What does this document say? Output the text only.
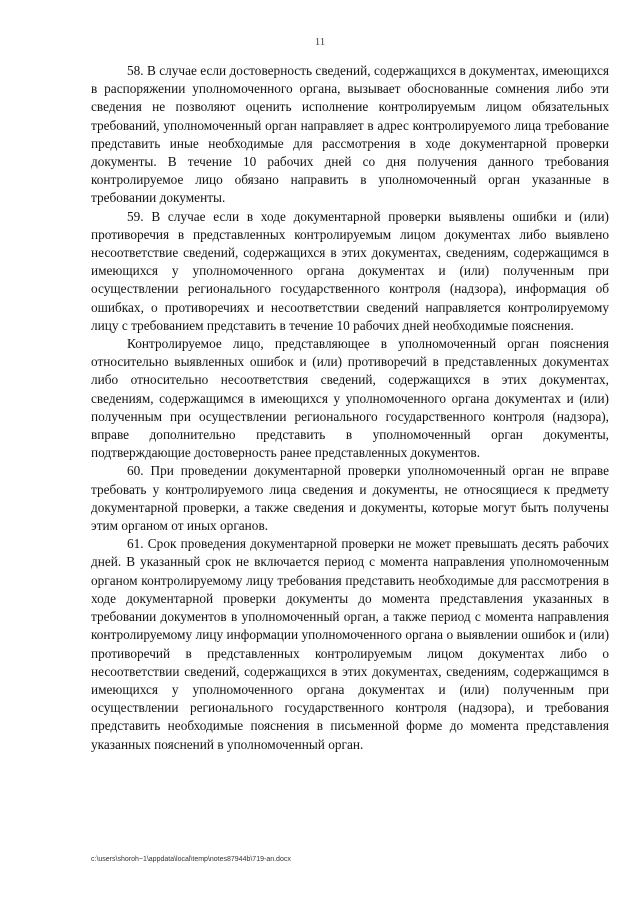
11

58. В случае если достоверность сведений, содержащихся в документах, имеющихся в распоряжении уполномоченного органа, вызывает обоснованные сомнения либо эти сведения не позволяют оценить исполнение контролируемым лицом обязательных требований, уполномоченный орган направляет в адрес контролируемого лица требование представить иные необходимые для рассмотрения в ходе документарной проверки документы. В течение 10 рабочих дней со дня получения данного требования контролируемое лицо обязано направить в уполномоченный орган указанные в требовании документы.

59. В случае если в ходе документарной проверки выявлены ошибки и (или) противоречия в представленных контролируемым лицом документах либо выявлено несоответствие сведений, содержащихся в этих документах, сведениям, содержащимся в имеющихся у уполномоченного органа документах и (или) полученным при осуществлении регионального государственного контроля (надзора), информация об ошибках, о противоречиях и несоответствии сведений направляется контролируемому лицу с требованием представить в течение 10 рабочих дней необходимые пояснения.

Контролируемое лицо, представляющее в уполномоченный орган пояснения относительно выявленных ошибок и (или) противоречий в представленных документах либо относительно несоответствия сведений, содержащихся в этих документах, сведениям, содержащимся в имеющихся у уполномоченного органа документах и (или) полученным при осуществлении регионального государственного контроля (надзора), вправе дополнительно представить в уполномоченный орган документы, подтверждающие достоверность ранее представленных документов.

60. При проведении документарной проверки уполномоченный орган не вправе требовать у контролируемого лица сведения и документы, не относящиеся к предмету документарной проверки, а также сведения и документы, которые могут быть получены этим органом от иных органов.

61. Срок проведения документарной проверки не может превышать десять рабочих дней. В указанный срок не включается период с момента направления уполномоченным органом контролируемому лицу требования представить необходимые для рассмотрения в ходе документарной проверки документы до момента представления указанных в требовании документов в уполномоченный орган, а также период с момента направления контролируемому лицу информации уполномоченного органа о выявлении ошибок и (или) противоречий в представленных контролируемым лицом документах либо о несоответствии сведений, содержащихся в этих документах, сведениям, содержащимся в имеющихся у уполномоченного органа документах и (или) полученным при осуществлении регионального государственного контроля (надзора), и требования представить необходимые пояснения в письменной форме до момента представления указанных пояснений в уполномоченный орган.

c:\users\shoroh~1\appdata\local\temp\notes87944b\719-an.docx
